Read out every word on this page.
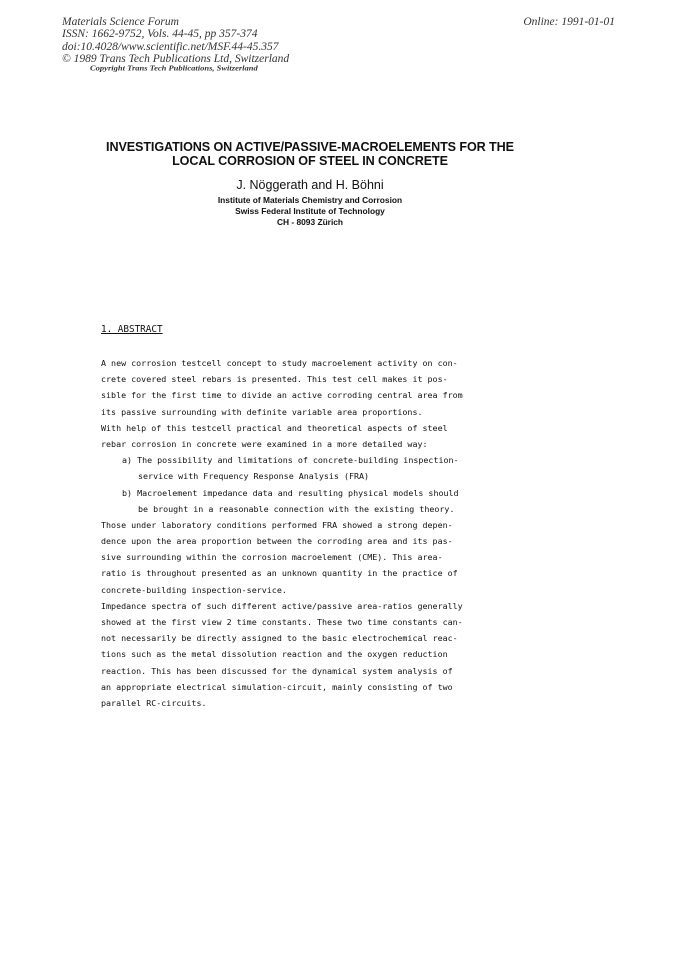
Materials Science Forum
ISSN: 1662-9752, Vols. 44-45, pp 357-374
doi:10.4028/www.scientific.net/MSF.44-45.357
© 1989 Trans Tech Publications Ltd, Switzerland
Online: 1991-01-01
Copyright Trans Tech Publications, Switzerland
INVESTIGATIONS ON ACTIVE/PASSIVE-MACROELEMENTS FOR THE
LOCAL CORROSION OF STEEL IN CONCRETE
J. Nöggerath and H. Böhni
Institute of Materials Chemistry and Corrosion
Swiss Federal Institute of Technology
CH - 8093 Zürich
1. ABSTRACT
A new corrosion testcell concept to study macroelement activity on con-
crete covered steel rebars is presented. This test cell makes it pos-
sible for the first time to divide an active corroding central area from
its passive surrounding with definite variable area proportions.
With help of this testcell practical and theoretical aspects of steel
rebar corrosion in concrete were examined in a more detailed way:
a) The possibility and limitations of concrete-building inspection-
service with Frequency Response Analysis (FRA)
b) Macroelement impedance data and resulting physical models should
be brought in a reasonable connection with the existing theory.
Those under laboratory conditions performed FRA showed a strong depen-
dence upon the area proportion between the corroding area and its pas-
sive surrounding within the corrosion macroelement (CME). This area-
ratio is throughout presented as an unknown quantity in the practice of
concrete-building inspection-service.
Impedance spectra of such different active/passive area-ratios generally
showed at the first view 2 time constants. These two time constants can-
not necessarily be directly assigned to the basic electrochemical reac-
tions such as the metal dissolution reaction and the oxygen reduction
reaction. This has been discussed for the dynamical system analysis of
an appropriate electrical simulation-circuit, mainly consisting of two
parallel RC-circuits.
